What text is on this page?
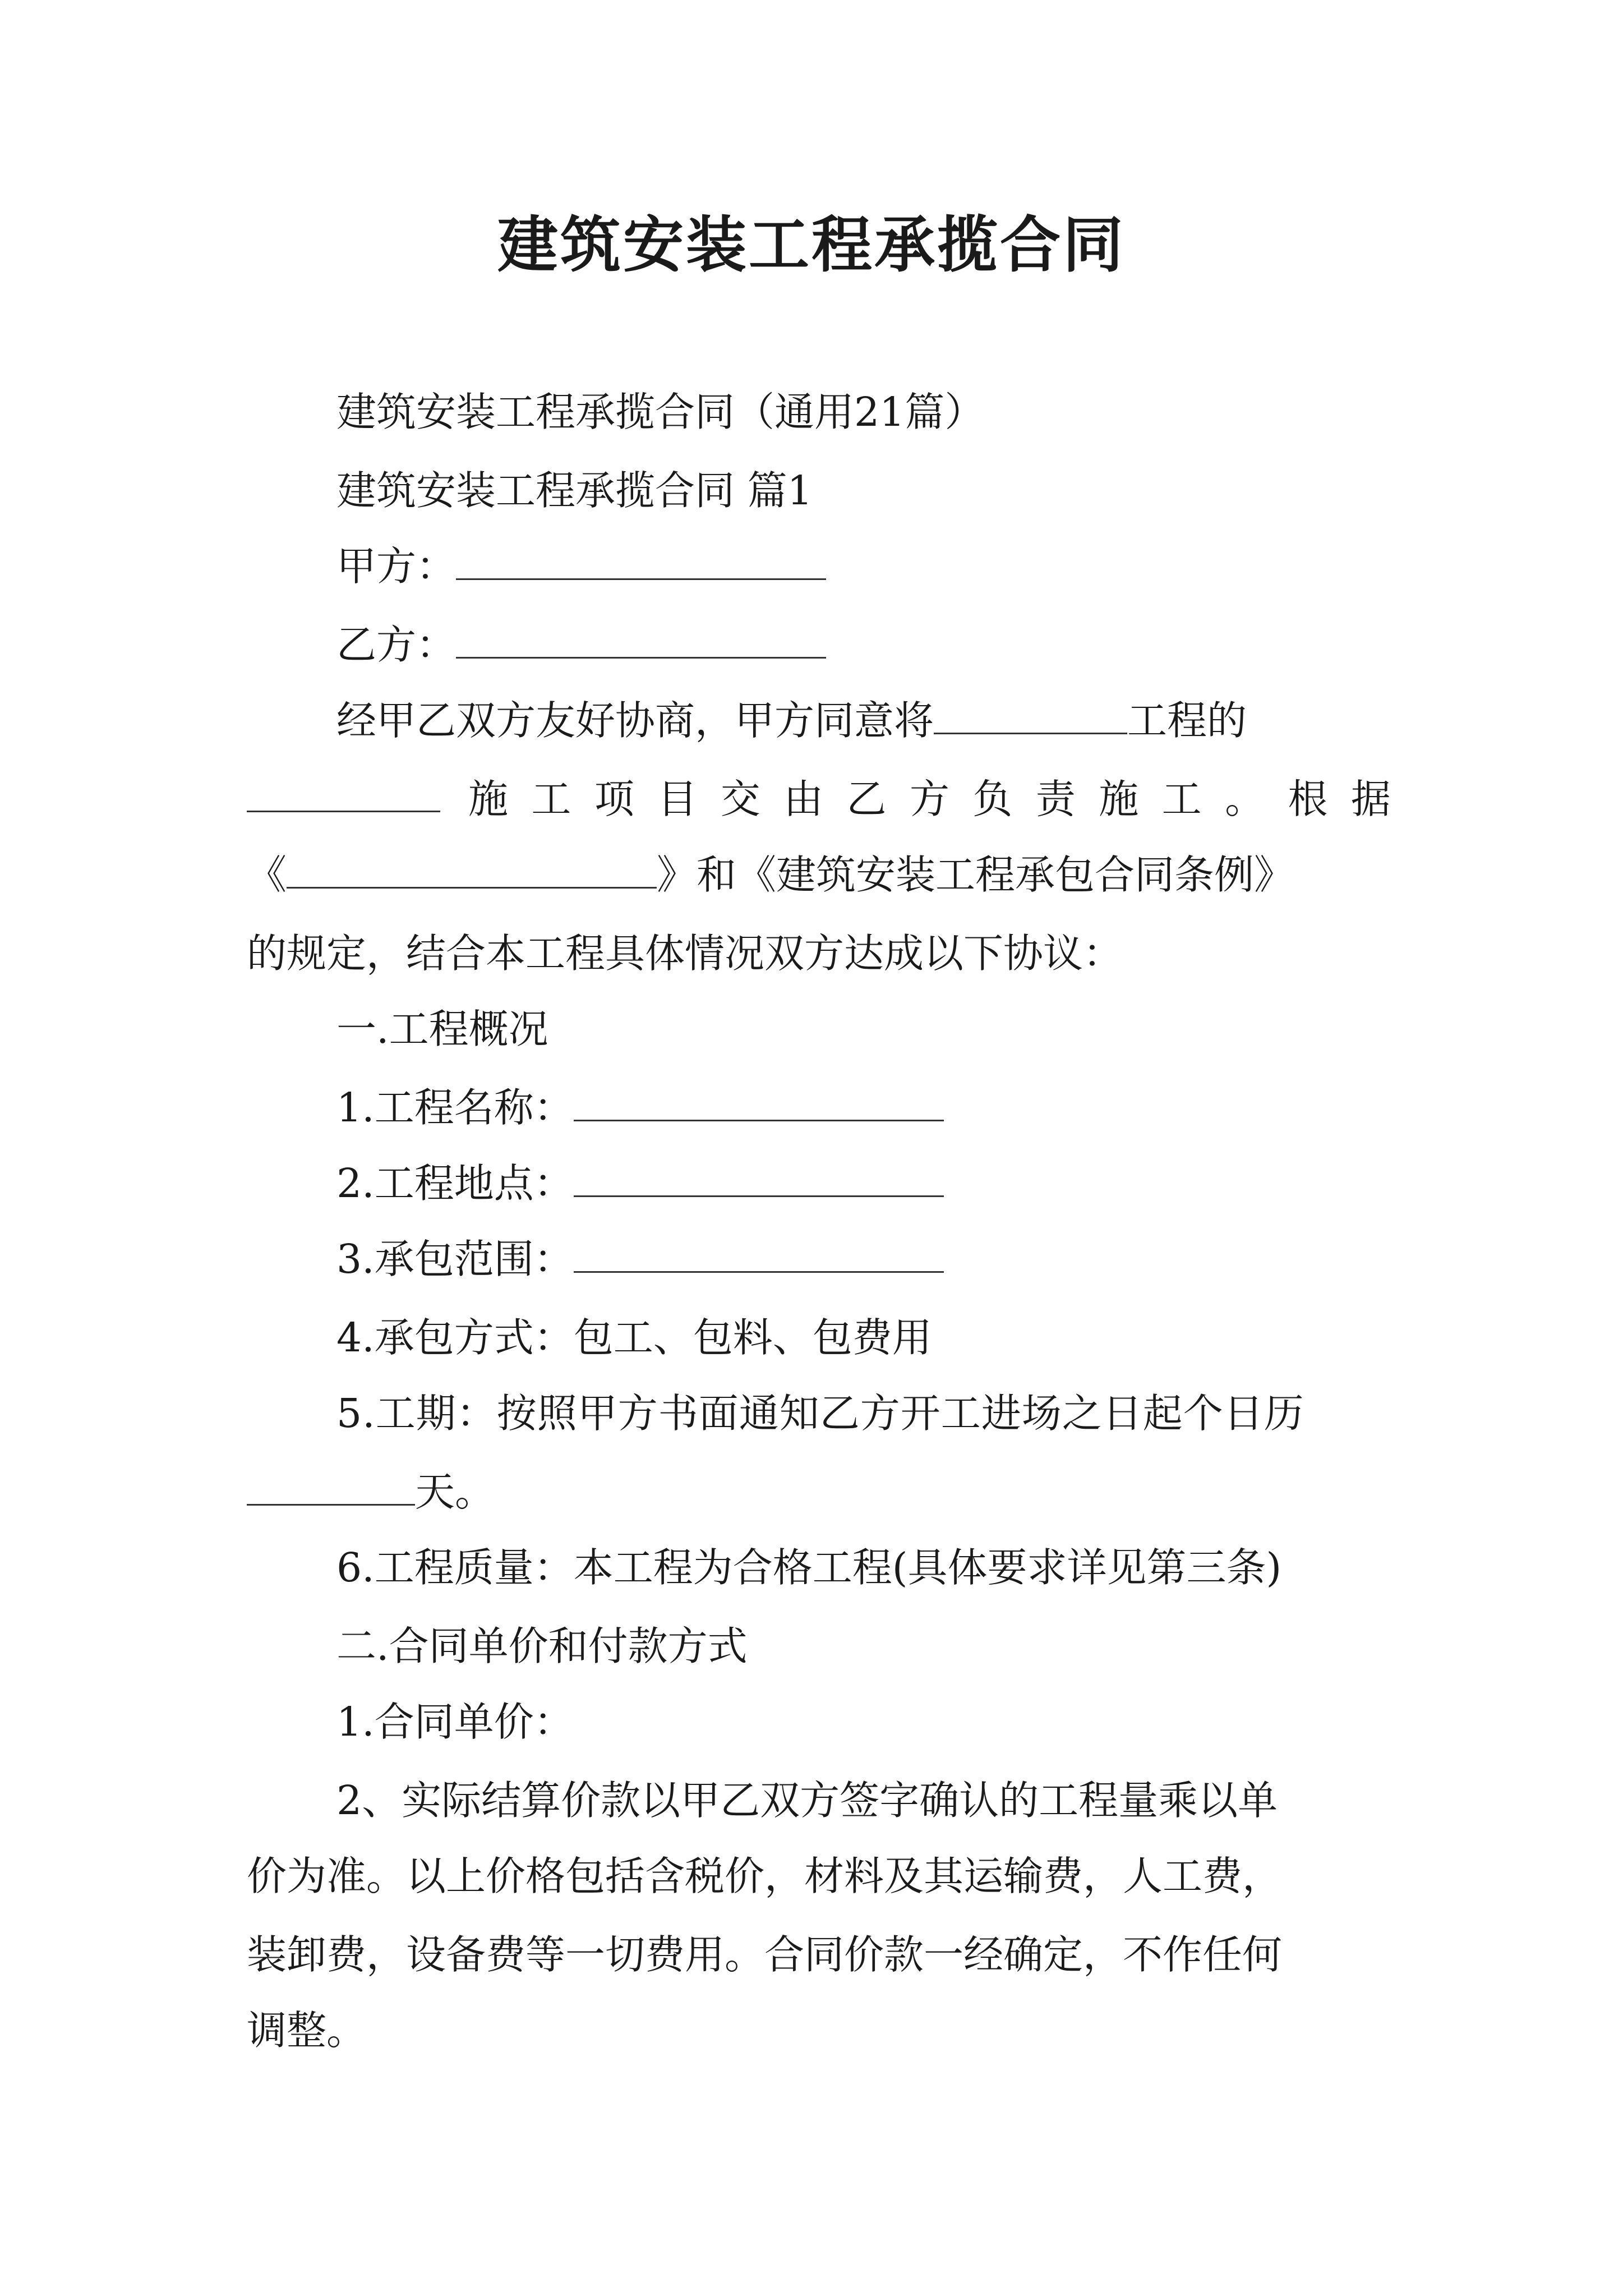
建筑安装工程承揽合同
建筑安装工程承揽合同（通用21篇）
建筑安装工程承揽合同 篇1
甲方：
乙方：
经甲乙双方友好协商，甲方同意将	工程的
施 工 项 目 交 由 乙 方 负 责 施 工 。 根 据
《	》和《建筑安装工程承包合同条例》
的规定，结合本工程具体情况双方达成以下协议：
一.工程概况
1.工程名称：
2.工程地点：
3.承包范围：
4.承包方式：包工、包料、包费用
5.工期：按照甲方书面通知乙方开工进场之日起个日历
天。
6.工程质量：本工程为合格工程(具体要求详见第三条)
二.合同单价和付款方式
1.合同单价：
2、实际结算价款以甲乙双方签字确认的工程量乘以单
价为准。以上价格包括含税价，材料及其运输费，人工费，
装卸费，设备费等一切费用。合同价款一经确定，不作任何
调整。
